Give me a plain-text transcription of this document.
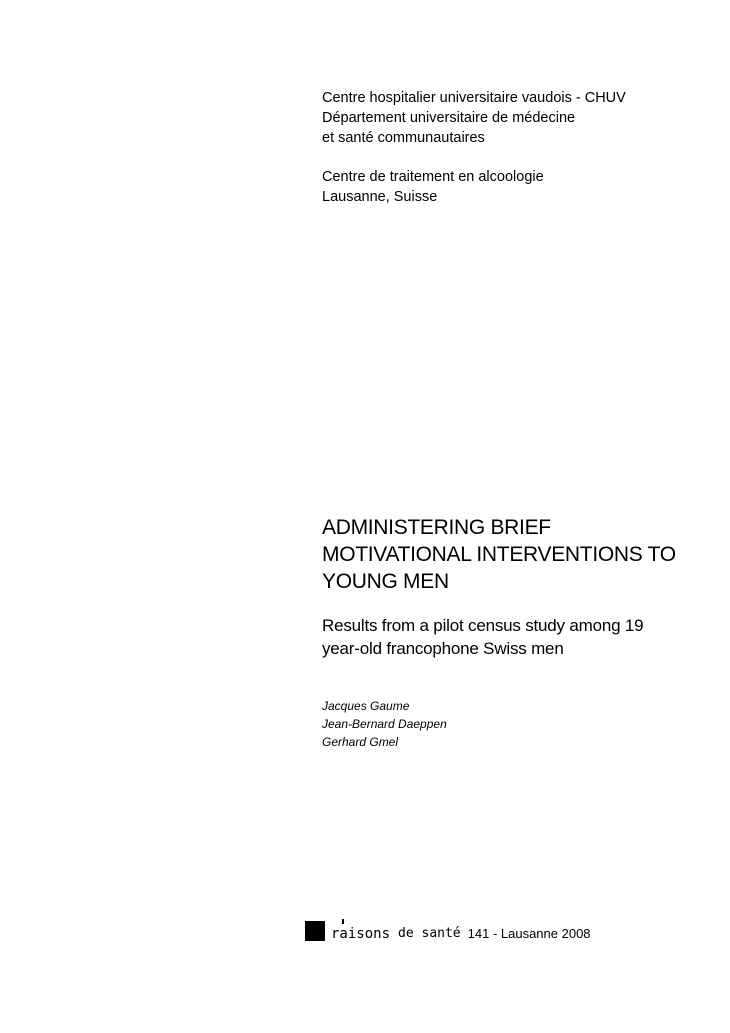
Centre hospitalier universitaire vaudois - CHUV
Département universitaire de médecine
et santé communautaires
Centre de traitement en alcoologie
Lausanne, Suisse
ADMINISTERING BRIEF
MOTIVATIONAL INTERVENTIONS TO
YOUNG MEN
Results from a pilot census study among 19 year-old francophone Swiss men
Jacques Gaume
Jean-Bernard Daeppen
Gerhard Gmel
raisons de santé 141 - Lausanne 2008
